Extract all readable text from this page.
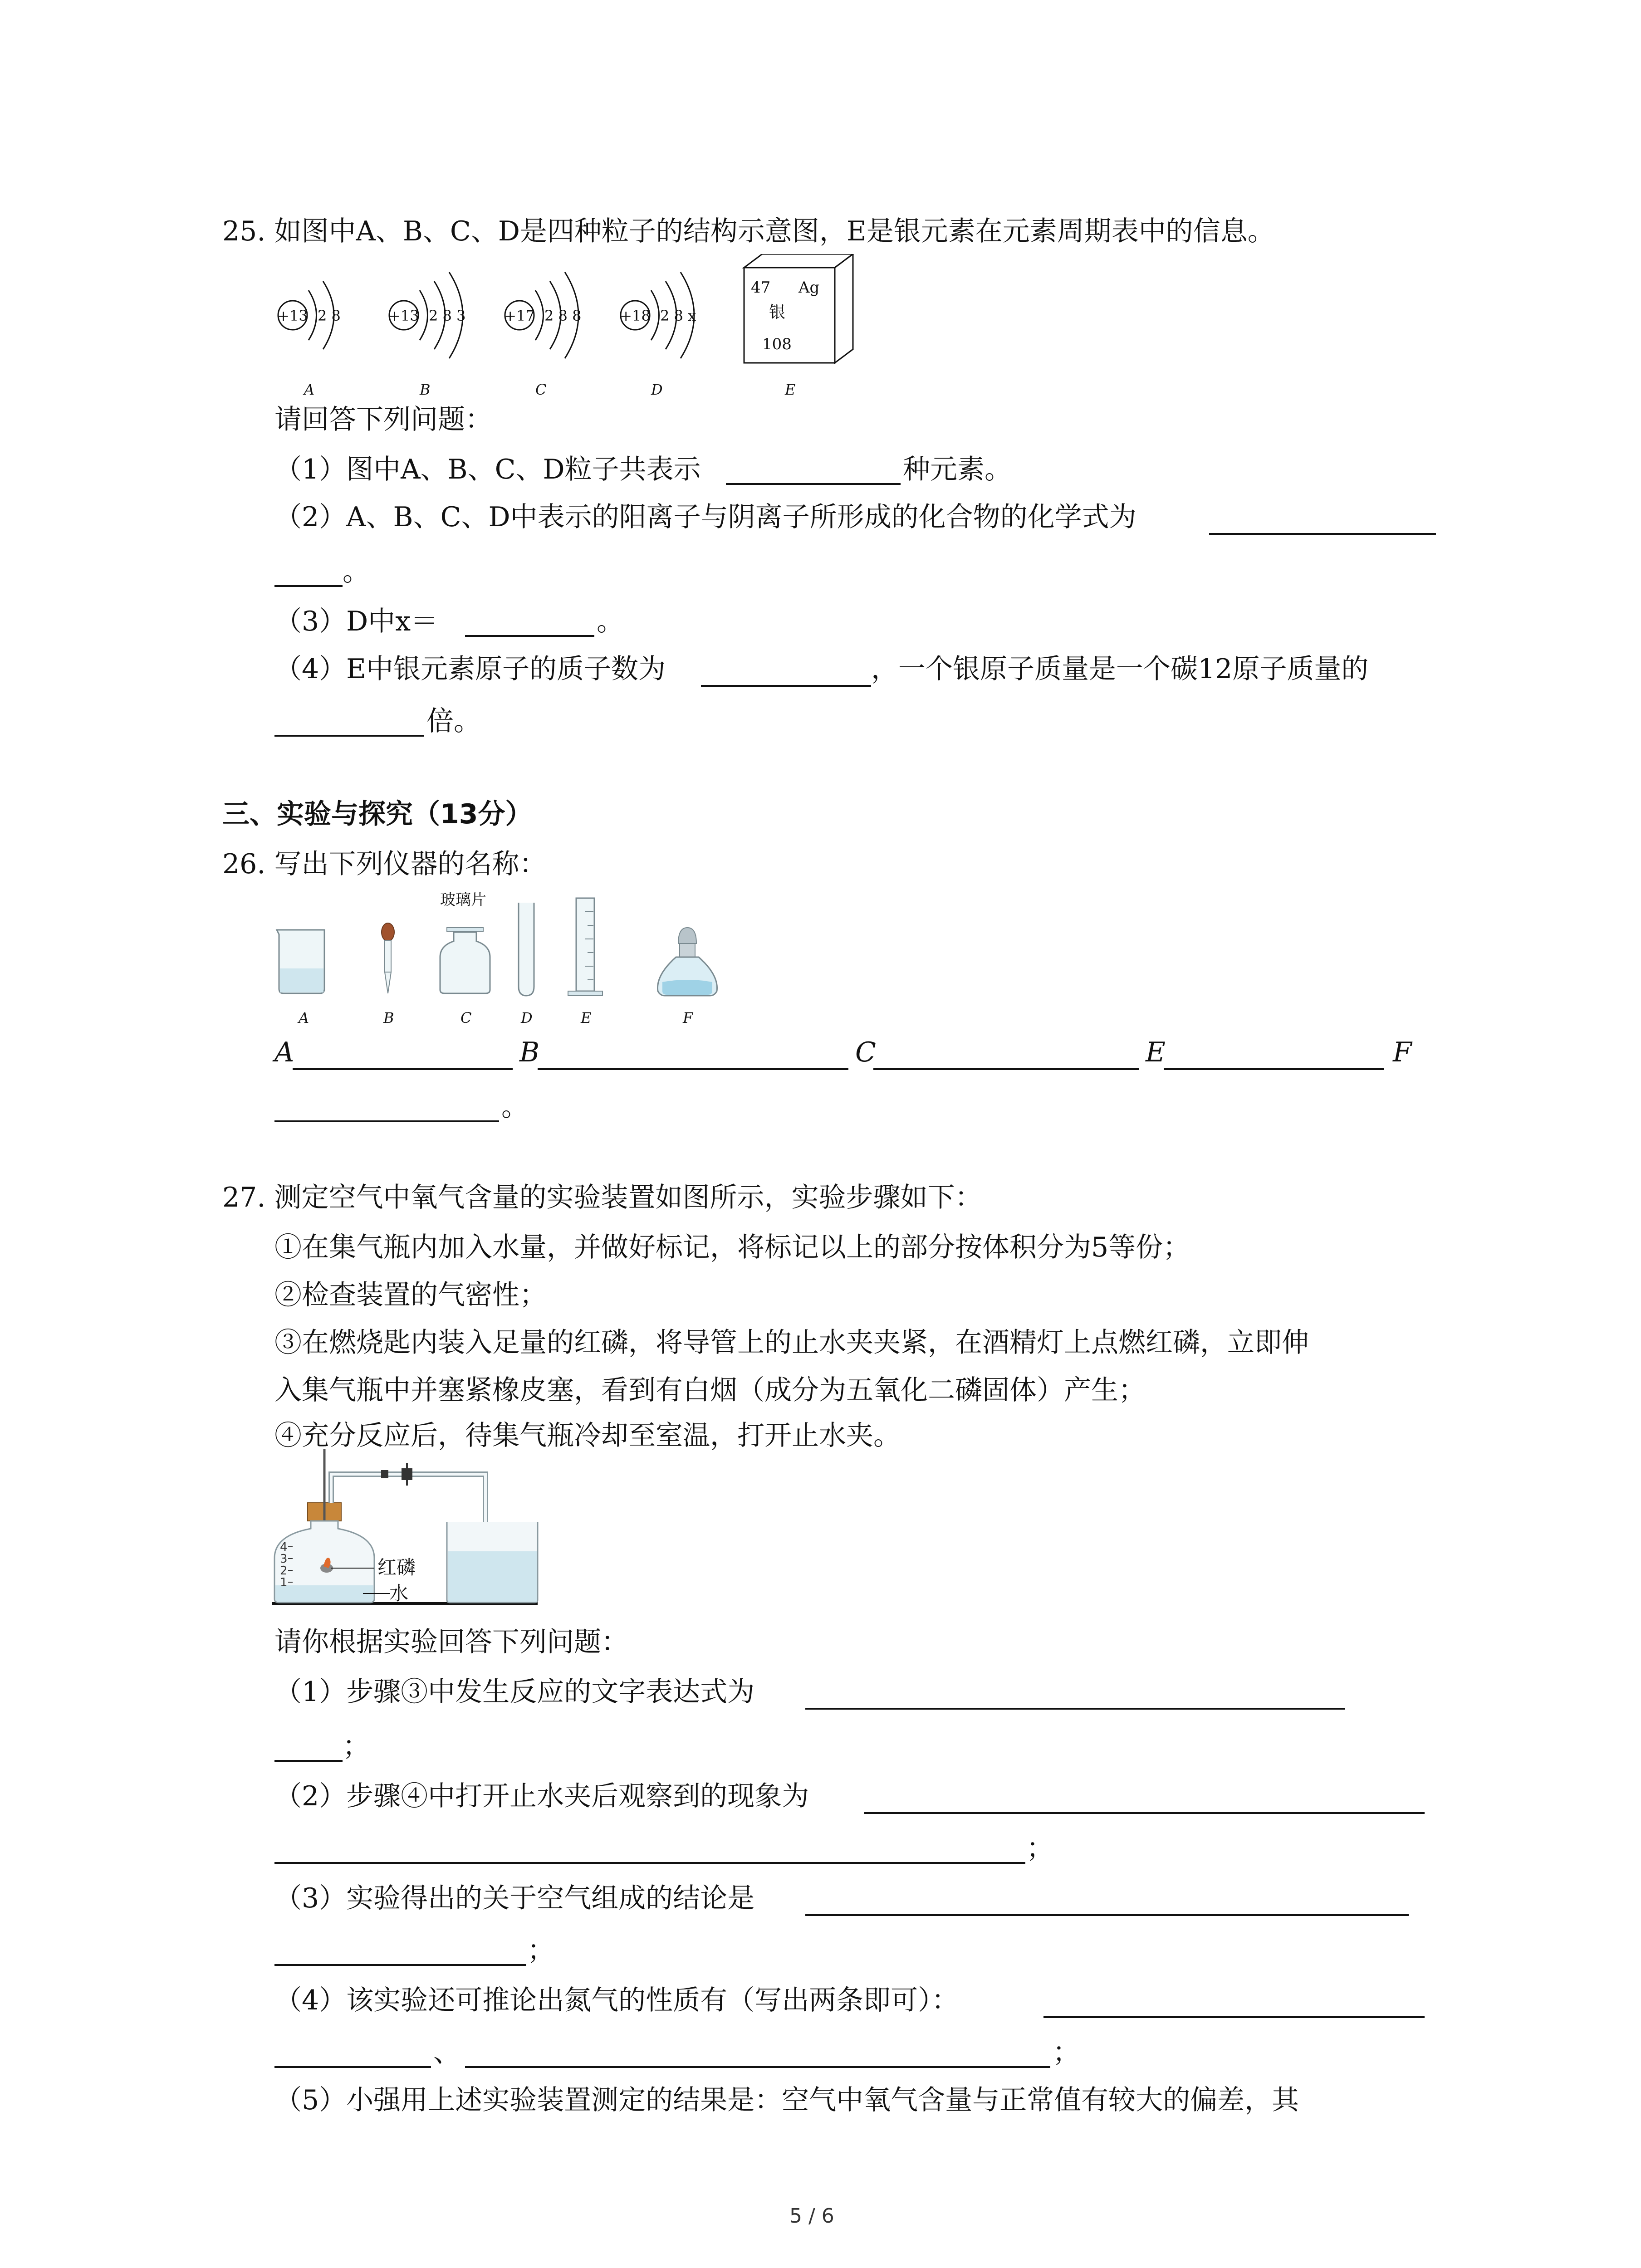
25. 如图中A、B、C、D是四种粒子的结构示意图，E是银元素在元素周期表中的信息。
+13 2 8
A
+13 2 8 3
B
+17 2 8 8
C
+18 2 8 x
D
47 Ag
银
108
E
请回答下列问题：
（1）图中A、B、C、D粒子共表示	种元素。
（2）A、B、C、D中表示的阳离子与阴离子所形成的化合物的化学式为
。
（3）D中x＝	。
（4）E中银元素原子的质子数为	，一个银原子质量是一个碳12原子质量的
倍。
三、实验与探究（13分）
26. 写出下列仪器的名称：
A	B
玻璃片
C	D	E	F
A	B	C	E	F
。
27. 测定空气中氧气含量的实验装置如图所示，实验步骤如下：
①在集气瓶内加入水量，并做好标记，将标记以上的部分按体积分为5等份；
②检查装置的气密性；
③在燃烧匙内装入足量的红磷，将导管上的止水夹夹紧，在酒精灯上点燃红磷，立即伸
入集气瓶中并塞紧橡皮塞，看到有白烟（成分为五氧化二磷固体）产生；
④充分反应后，待集气瓶冷却至室温，打开止水夹。
4
3
2
1
红磷
水
请你根据实验回答下列问题：
（1）步骤③中发生反应的文字表达式为
；
（2）步骤④中打开止水夹后观察到的现象为
；
（3）实验得出的关于空气组成的结论是
；
（4）该实验还可推论出氮气的性质有（写出两条即可）：
、	；
（5）小强用上述实验装置测定的结果是：空气中氧气含量与正常值有较大的偏差，其
5 / 6
